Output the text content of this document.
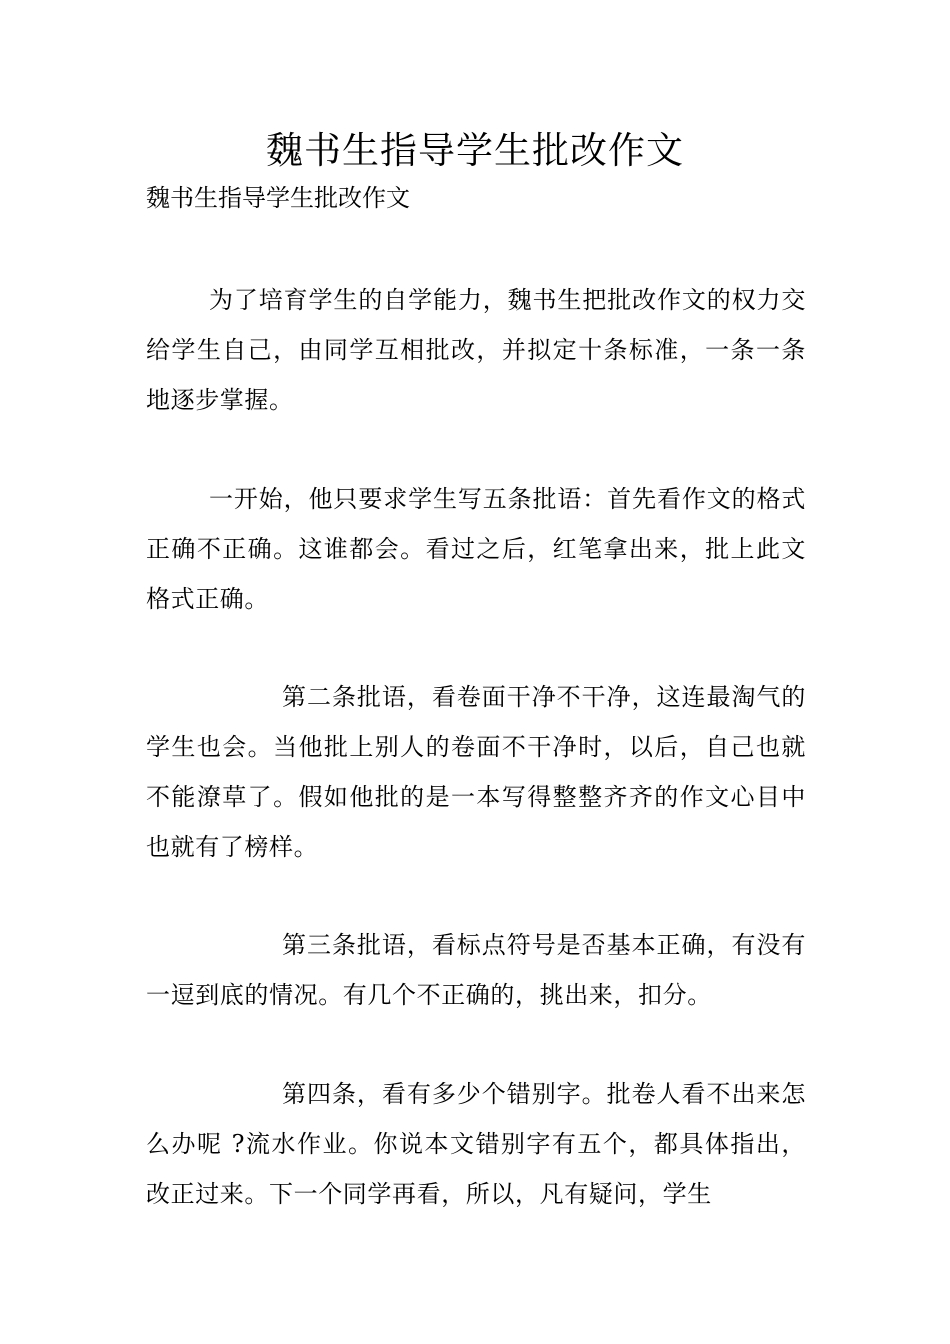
魏书生指导学生批改作文

魏书生指导学生批改作文

为了培育学生的自学能力，魏书生把批改作文的权力交给学生自己，由同学互相批改，并拟定十条标准，一条一条地逐步掌握。

一开始，他只要求学生写五条批语：首先看作文的格式正确不正确。这谁都会。看过之后，红笔拿出来，批上此文格式正确。

第二条批语，看卷面干净不干净，这连最淘气的学生也会。当他批上别人的卷面不干净时，以后，自己也就不能潦草了。假如他批的是一本写得整整齐齐的作文心目中也就有了榜样。

第三条批语，看标点符号是否基本正确，有没有一逗到底的情况。有几个不正确的，挑出来，扣分。

第四条，看有多少个错别字。批卷人看不出来怎么办呢 ?流水作业。你说本文错别字有五个，都具体指出，改正过来。下一个同学再看，所以，凡有疑问，学生
